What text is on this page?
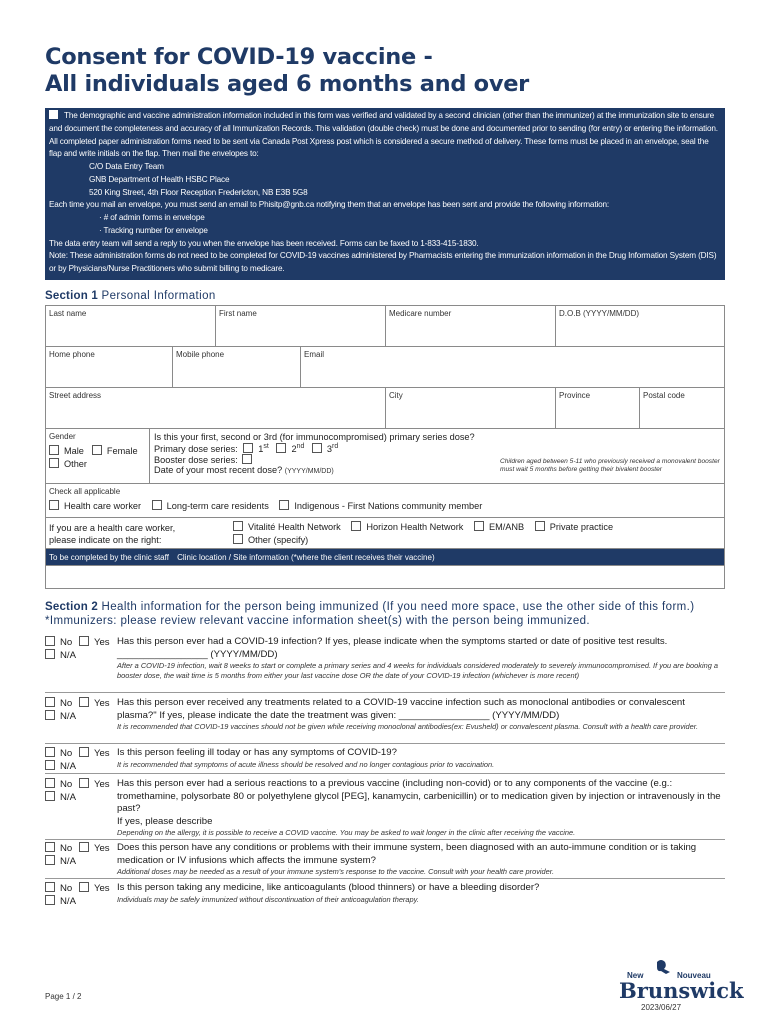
Consent for COVID-19 vaccine -
All individuals aged 6 months and over
The demographic and vaccine administration information included in this form was verified and validated by a second clinician (other than the immunizer) at the immunization site to ensure and document the completeness and accuracy of all Immunization Records. This validation (double check) must be done and documented prior to sending (for entry) or entering the information.
All completed paper administration forms need to be sent via Canada Post Xpress post which is considered a secure method of delivery. These forms must be placed in an envelope, seal the flap and write initials on the flap. Then mail the envelopes to:
C/O Data Entry Team
GNB Department of Health HSBC Place
520 King Street, 4th Floor Reception Fredericton, NB E3B 5G8
Each time you mail an envelope, you must send an email to Phisitp@gnb.ca notifying them that an envelope has been sent and provide the following information:
· # of admin forms in envelope
· Tracking number for envelope
The data entry team will send a reply to you when the envelope has been received. Forms can be faxed to 1-833-415-1830.
Note: These administration forms do not need to be completed for COVID-19 vaccines administered by Pharmacists entering the immunization information in the Drug Information System (DIS) or by Physicians/Nurse Practitioners who submit billing to medicare.
Section 1 Personal Information
Last name	First name	Medicare number	D.O.B (YYYY/MM/DD)
Home phone	Mobile phone	Email
Street address	City	Province	Postal code
Gender
Male	Female
Other
Is this your first, second or 3rd (for immunocompromised) primary series dose?
Primary dose series: 1st 2nd 3rd
Booster dose series:
Date of your most recent dose? (YYYY/MM/DD)
Children aged between 5-11 who previously received a monovalent booster
must wait 5 months before getting their bivalent booster
Check all applicable
Health care worker	Long-term care residents	Indigenous - First Nations community member
If you are a health care worker,
please indicate on the right:
Vitalité Health Network	Horizon Health Network	EM/ANB	Private practice
Other (specify)
To be completed by the clinic staff Clinic location / Site information (*where the client receives their vaccine)
Section 2 Health information for the person being immunized (If you need more space, use the other side of this form.)
*Immunizers: please review relevant vaccine information sheet(s) with the person being immunized.
No Yes
N/A
Has this person ever had a COVID-19 infection? If yes, please indicate when the symptoms started or date of positive test results.
_________________ (YYYY/MM/DD)
After a COVID-19 infection, wait 8 weeks to start or complete a primary series and 4 weeks for individuals considered moderately to severely immunocompromised. If you are booking a booster dose, the wait time is 5 months from either your last vaccine dose OR the date of your COVID-19 infection (whichever is more recent)
No Yes
N/A
Has this person ever received any treatments related to a COVID-19 vaccine infection such as monoclonal antibodies or convalescent plasma?" If yes, please indicate the date the treatment was given: _________________ (YYYY/MM/DD)
It is recommended that COVID-19 vaccines should not be given while receiving monoclonal antibodies(ex: Evusheld) or convalescent plasma. Consult with a health care provider.
No Yes
N/A
Is this person feeling ill today or has any symptoms of COVID-19?
It is recommended that symptoms of acute illness should be resolved and no longer contagious prior to vaccination.
No Yes
N/A
Has this person ever had a serious reactions to a previous vaccine (including non-covid) or to any components of the vaccine (e.g.: tromethamine, polysorbate 80 or polyethylene glycol [PEG], kanamycin, carbenicillin) or to medication given by injection or intravenously in the past?
If yes, please describe
Depending on the allergy, it is possible to receive a COVID vaccine. You may be asked to wait longer in the clinic after receiving the vaccine.
No Yes
N/A
Does this person have any conditions or problems with their immune system, been diagnosed with an auto-immune condition or is taking medication or IV infusions which affects the immune system?
Additional doses may be needed as a result of your immune system's response to the vaccine. Consult with your health care provider.
No Yes
N/A
Is this person taking any medicine, like anticoagulants (blood thinners) or have a bleeding disorder?
Individuals may be safely immunized without discontinuation of their anticoagulation therapy.
Page 1 / 2
New	Nouveau
Brunswick
2023/06/27
